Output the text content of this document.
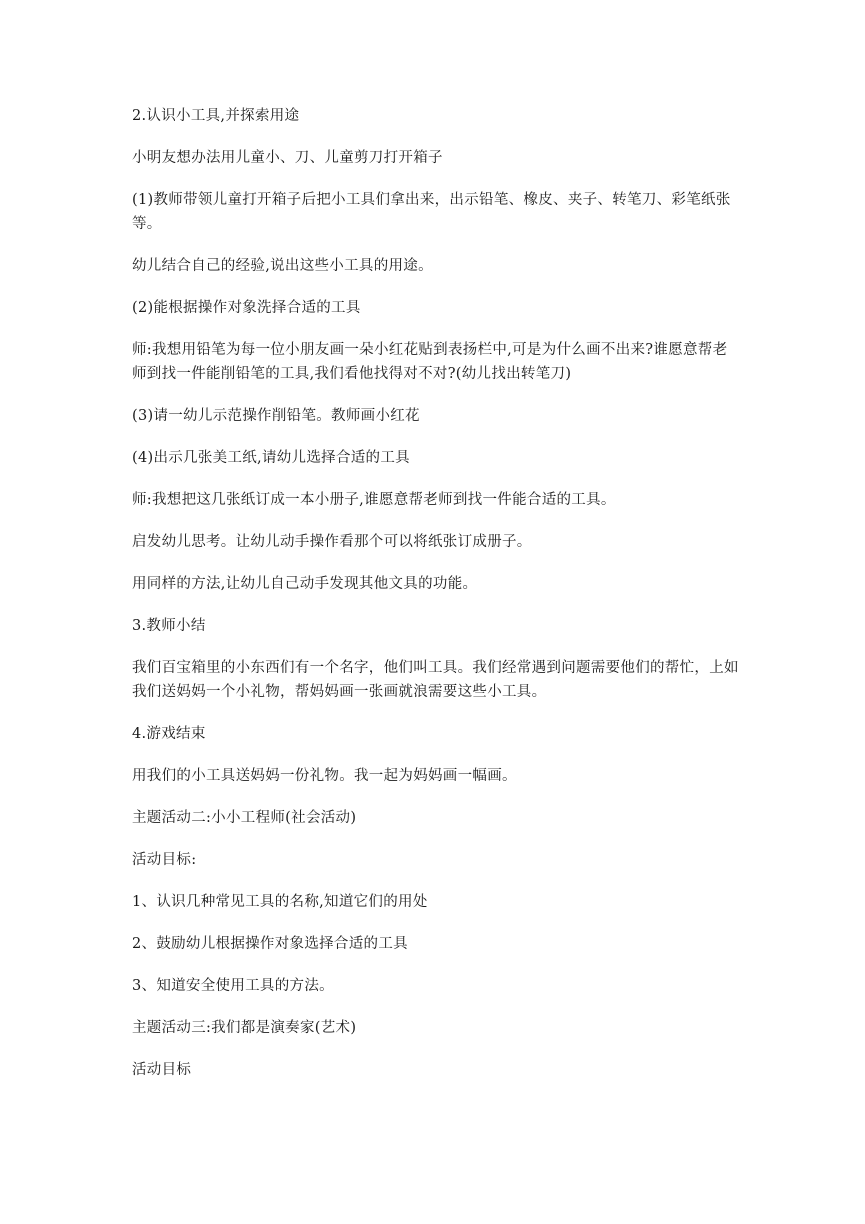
2.认识小工具,并探索用途

小明友想办法用儿童小、刀、儿童剪刀打开箱子

(1)教师带领儿童打开箱子后把小工具们拿出来，出示铅笔、橡皮、夹子、转笔刀、彩笔纸张等。

幼儿结合自己的经验,说出这些小工具的用途。

(2)能根据操作对象洗择合适的工具

师:我想用铅笔为每一位小朋友画一朵小红花贴到表扬栏中,可是为什么画不出来?谁愿意帮老师到找一件能削铅笔的工具,我们看他找得对不对?(幼儿找出转笔刀)

(3)请一幼儿示范操作削铅笔。教师画小红花

(4)出示几张美工纸,请幼儿选择合适的工具

师:我想把这几张纸订成一本小册子,谁愿意帮老师到找一件能合适的工具。

启发幼儿思考。让幼儿动手操作看那个可以将纸张订成册子。

用同样的方法,让幼儿自己动手发现其他文具的功能。

3.教师小结

我们百宝箱里的小东西们有一个名字，他们叫工具。我们经常遇到问题需要他们的帮忙，上如我们送妈妈一个小礼物，帮妈妈画一张画就浪需要这些小工具。

4.游戏结束

用我们的小工具送妈妈一份礼物。我一起为妈妈画一幅画。

主题活动二:小小工程师(社会活动)

活动目标:

1、认识几种常见工具的名称,知道它们的用处

2、鼓励幼儿根据操作对象选择合适的工具

3、知道安全使用工具的方法。

主题活动三:我们都是演奏家(艺术)

活动目标
